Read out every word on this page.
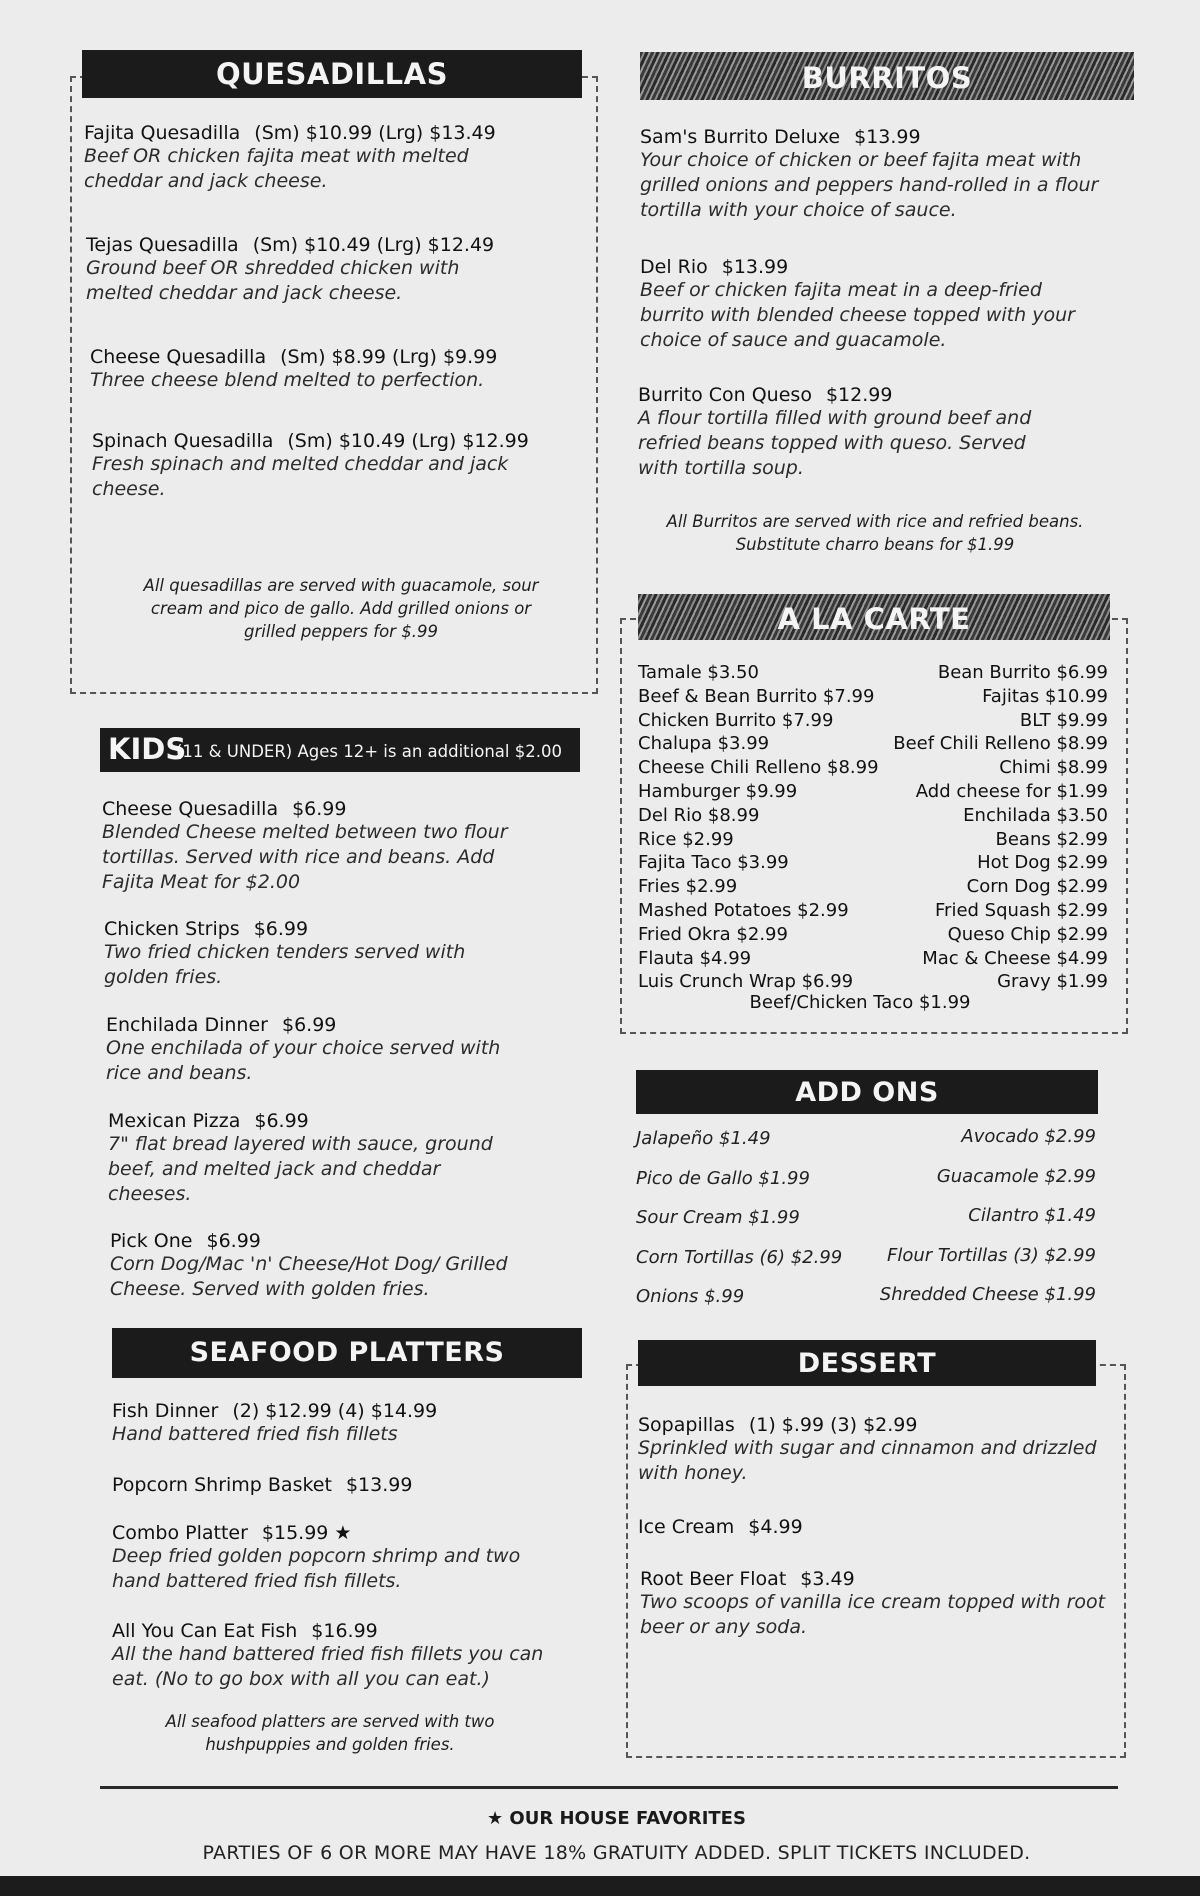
QUESADILLAS
Fajita Quesadilla (Sm) $10.99 (Lrg) $13.49
Beef OR chicken fajita meat with melted cheddar and jack cheese.
Tejas Quesadilla (Sm) $10.49 (Lrg) $12.49
Ground beef OR shredded chicken with melted cheddar and jack cheese.
Cheese Quesadilla (Sm) $8.99 (Lrg) $9.99
Three cheese blend melted to perfection.
Spinach Quesadilla (Sm) $10.49 (Lrg) $12.99
Fresh spinach and melted cheddar and jack cheese.
All quesadillas are served with guacamole, sour cream and pico de gallo. Add grilled onions or grilled peppers for $.99
BURRITOS
Sam's Burrito Deluxe $13.99
Your choice of chicken or beef fajita meat with grilled onions and peppers hand-rolled in a flour tortilla with your choice of sauce.
Del Rio $13.99
Beef or chicken fajita meat in a deep-fried burrito with blended cheese topped with your choice of sauce and guacamole.
Burrito Con Queso $12.99
A flour tortilla filled with ground beef and refried beans topped with queso. Served with tortilla soup.
All Burritos are served with rice and refried beans. Substitute charro beans for $1.99
A LA CARTE
Tamale $3.50
Beef & Bean Burrito $7.99
Chicken Burrito $7.99
Chalupa $3.99
Cheese Chili Relleno $8.99
Hamburger $9.99
Del Rio $8.99
Rice $2.99
Fajita Taco $3.99
Fries $2.99
Mashed Potatoes $2.99
Fried Okra $2.99
Flauta $4.99
Luis Crunch Wrap $6.99
Bean Burrito $6.99
Fajitas $10.99
BLT $9.99
Beef Chili Relleno $8.99
Chimi $8.99
Add cheese for $1.99
Enchilada $3.50
Beans $2.99
Hot Dog $2.99
Corn Dog $2.99
Fried Squash $2.99
Queso Chip $2.99
Mac & Cheese $4.99
Gravy $1.99
Beef/Chicken Taco $1.99
KIDS
(11 & UNDER) Ages 12+ is an additional $2.00
Cheese Quesadilla $6.99
Blended Cheese melted between two flour tortillas. Served with rice and beans. Add Fajita Meat for $2.00
Chicken Strips $6.99
Two fried chicken tenders served with golden fries.
Enchilada Dinner $6.99
One enchilada of your choice served with rice and beans.
Mexican Pizza $6.99
7" flat bread layered with sauce, ground beef, and melted jack and cheddar cheeses.
Pick One $6.99
Corn Dog/Mac 'n' Cheese/Hot Dog/ Grilled Cheese. Served with golden fries.
ADD ONS
Jalapeño $1.49
Pico de Gallo $1.99
Sour Cream $1.99
Corn Tortillas (6) $2.99
Onions $.99
Avocado $2.99
Guacamole $2.99
Cilantro $1.49
Flour Tortillas (3) $2.99
Shredded Cheese $1.99
SEAFOOD PLATTERS
Fish Dinner (2) $12.99 (4) $14.99
Hand battered fried fish fillets
Popcorn Shrimp Basket $13.99
Combo Platter $15.99 ★
Deep fried golden popcorn shrimp and two hand battered fried fish fillets.
All You Can Eat Fish $16.99
All the hand battered fried fish fillets you can eat. (No to go box with all you can eat.)
All seafood platters are served with two hushpuppies and golden fries.
DESSERT
Sopapillas (1) $.99 (3) $2.99
Sprinkled with sugar and cinnamon and drizzled with honey.
Ice Cream $4.99
Root Beer Float $3.49
Two scoops of vanilla ice cream topped with root beer or any soda.
★ OUR HOUSE FAVORITES
PARTIES OF 6 OR MORE MAY HAVE 18% GRATUITY ADDED. SPLIT TICKETS INCLUDED.
